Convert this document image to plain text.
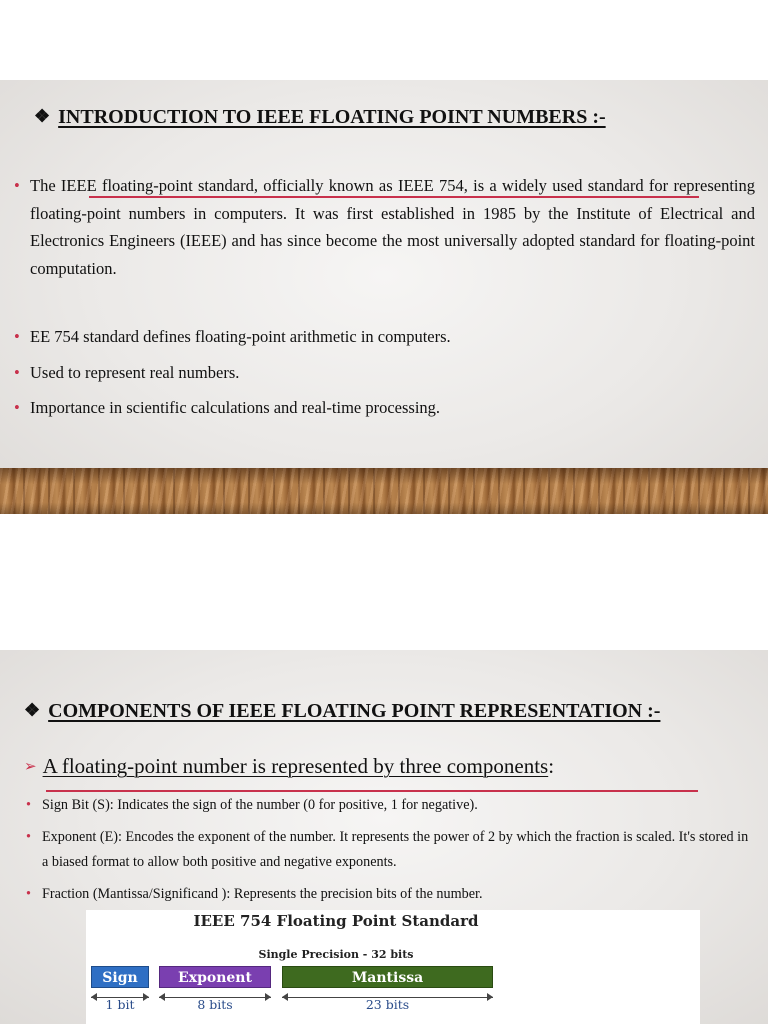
❖ INTRODUCTION TO IEEE FLOATING POINT NUMBERS :-
• The IEEE floating-point standard, officially known as IEEE 754, is a widely used standard for representing floating-point numbers in computers. It was first established in 1985 by the Institute of Electrical and Electronics Engineers (IEEE) and has since become the most universally adopted standard for floating-point computation.
• EE 754 standard defines floating-point arithmetic in computers.
• Used to represent real numbers.
• Importance in scientific calculations and real-time processing.
❖ COMPONENTS OF IEEE FLOATING POINT REPRESENTATION :-
➢ A floating-point number is represented by three components:
• Sign Bit (S): Indicates the sign of the number (0 for positive, 1 for negative).
• Exponent (E): Encodes the exponent of the number. It represents the power of 2 by which the fraction is scaled. It's stored in a biased format to allow both positive and negative exponents.
• Fraction (Mantissa/Significand ): Represents the precision bits of the number.
IEEE 754 Floating Point Standard
Single Precision - 32 bits
Sign	Exponent	Mantissa
1 bit	8 bits	23 bits
